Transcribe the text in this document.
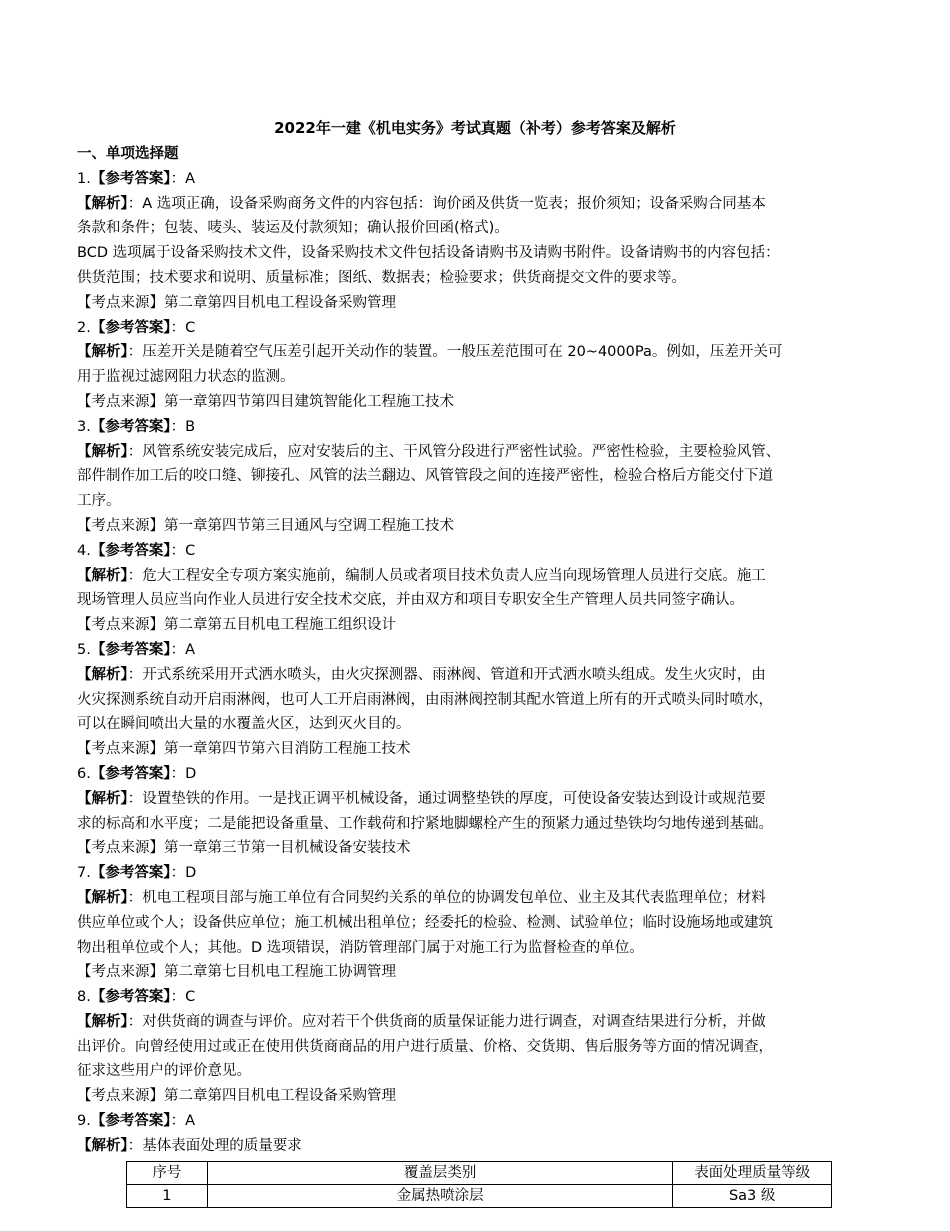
2022年一建《机电实务》考试真题（补考）参考答案及解析
一、单项选择题
1.【参考答案】：A
【解析】：A 选项正确，设备采购商务文件的内容包括：询价函及供货一览表；报价须知；设备采购合同基本
条款和条件；包装、唛头、装运及付款须知；确认报价回函(格式)。
BCD 选项属于设备采购技术文件，设备采购技术文件包括设备请购书及请购书附件。设备请购书的内容包括：
供货范围；技术要求和说明、质量标准；图纸、数据表；检验要求；供货商提交文件的要求等。
【考点来源】第二章第四目机电工程设备采购管理
2.【参考答案】：C
【解析】：压差开关是随着空气压差引起开关动作的装置。一般压差范围可在 20~4000Pa。例如，压差开关可
用于监视过滤网阻力状态的监测。
【考点来源】第一章第四节第四目建筑智能化工程施工技术
3.【参考答案】：B
【解析】：风管系统安装完成后，应对安装后的主、干风管分段进行严密性试验。严密性检验，主要检验风管、
部件制作加工后的咬口缝、铆接孔、风管的法兰翻边、风管管段之间的连接严密性，检验合格后方能交付下道
工序。
【考点来源】第一章第四节第三目通风与空调工程施工技术
4.【参考答案】：C
【解析】：危大工程安全专项方案实施前，编制人员或者项目技术负责人应当向现场管理人员进行交底。施工
现场管理人员应当向作业人员进行安全技术交底，并由双方和项目专职安全生产管理人员共同签字确认。
【考点来源】第二章第五目机电工程施工组织设计
5.【参考答案】：A
【解析】：开式系统采用开式洒水喷头，由火灾探测器、雨淋阀、管道和开式洒水喷头组成。发生火灾时，由
火灾探测系统自动开启雨淋阀，也可人工开启雨淋阀，由雨淋阀控制其配水管道上所有的开式喷头同时喷水，
可以在瞬间喷出大量的水覆盖火区，达到灭火目的。
【考点来源】第一章第四节第六目消防工程施工技术
6.【参考答案】：D
【解析】：设置垫铁的作用。一是找正调平机械设备，通过调整垫铁的厚度，可使设备安装达到设计或规范要
求的标高和水平度；二是能把设备重量、工作载荷和拧紧地脚螺栓产生的预紧力通过垫铁均匀地传递到基础。
【考点来源】第一章第三节第一目机械设备安装技术
7.【参考答案】：D
【解析】：机电工程项目部与施工单位有合同契约关系的单位的协调发包单位、业主及其代表监理单位；材料
供应单位或个人；设备供应单位；施工机械出租单位；经委托的检验、检测、试验单位；临时设施场地或建筑
物出租单位或个人；其他。D 选项错误，消防管理部门属于对施工行为监督检查的单位。
【考点来源】第二章第七目机电工程施工协调管理
8.【参考答案】：C
【解析】：对供货商的调查与评价。应对若干个供货商的质量保证能力进行调查，对调查结果进行分析，并做
出评价。向曾经使用过或正在使用供货商商品的用户进行质量、价格、交货期、售后服务等方面的情况调查，
征求这些用户的评价意见。
【考点来源】第二章第四目机电工程设备采购管理
9.【参考答案】：A
【解析】：基体表面处理的质量要求
序号	覆盖层类别	表面处理质量等级
1	金属热喷涂层	Sa3 级
